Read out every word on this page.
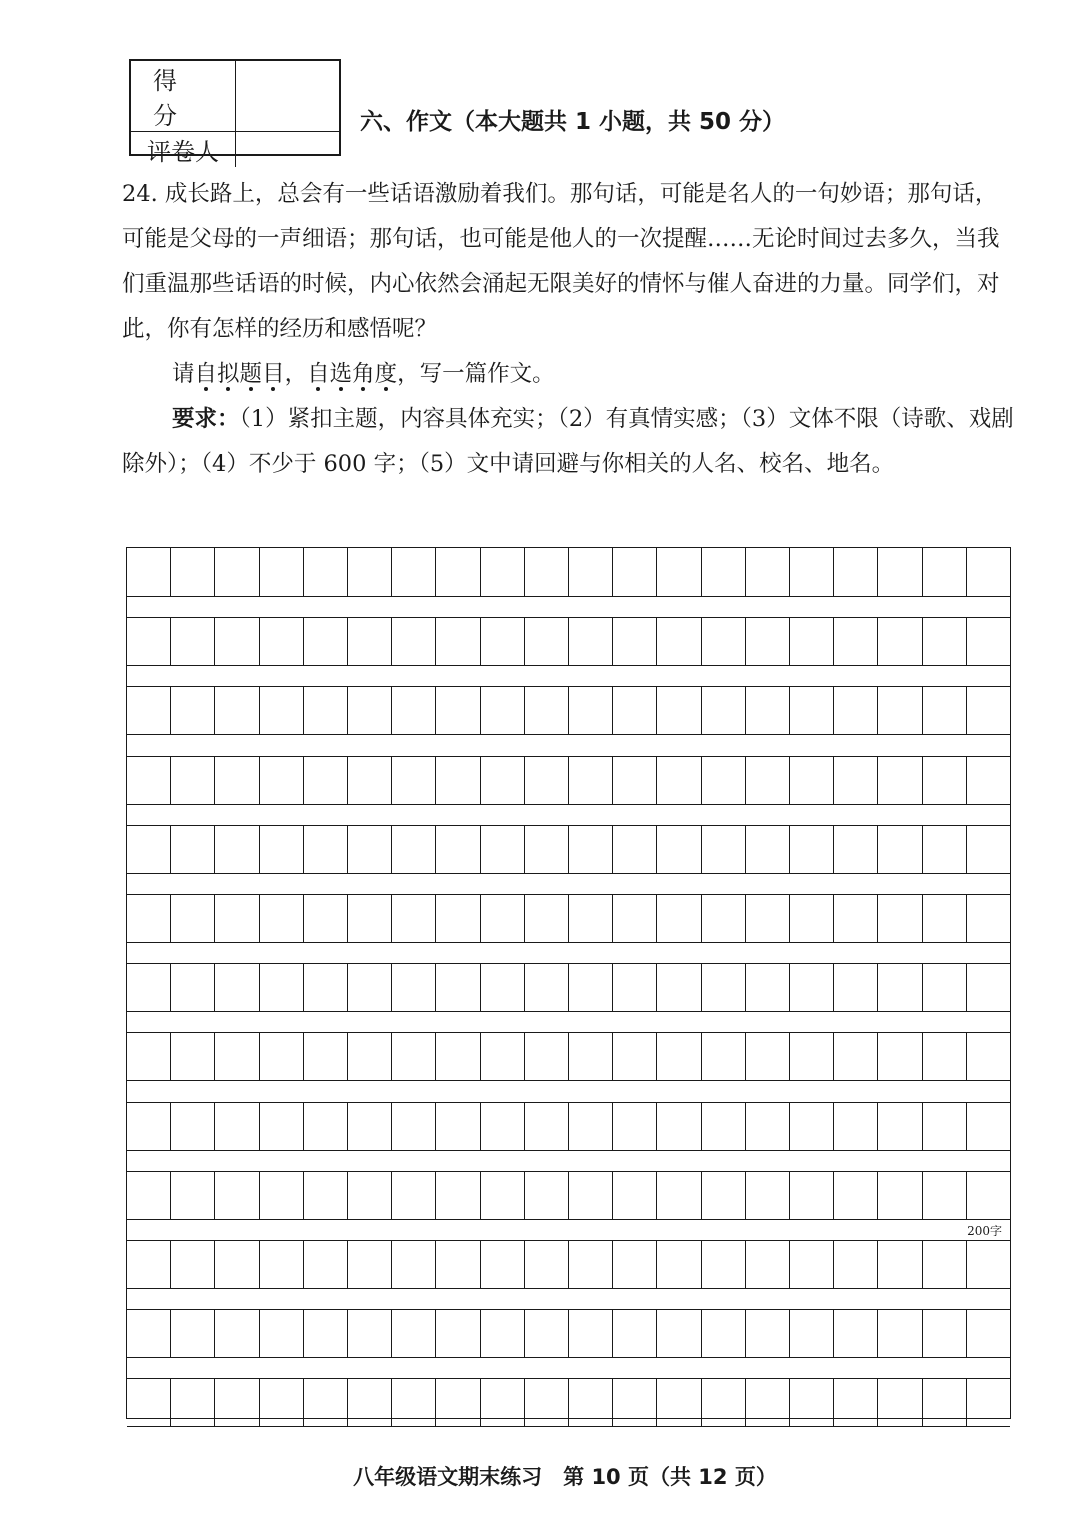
得分
评卷人
六、作文（本大题共 1 小题，共 50 分）

24. 成长路上，总会有一些话语激励着我们。那句话，可能是名人的一句妙语；那句话，可能是父母的一声细语；那句话，也可能是他人的一次提醒……无论时间过去多久，当我们重温那些话语的时候，内心依然会涌起无限美好的情怀与催人奋进的力量。同学们，对此，你有怎样的经历和感悟呢？

请自拟题目，自选角度，写一篇作文。

要求：（1）紧扣主题，内容具体充实；（2）有真情实感；（3）文体不限（诗歌、戏剧除外）；（4）不少于 600 字；（5）文中请回避与你相关的人名、校名、地名。

200字
八年级语文期末练习　第 10 页（共 12 页）
